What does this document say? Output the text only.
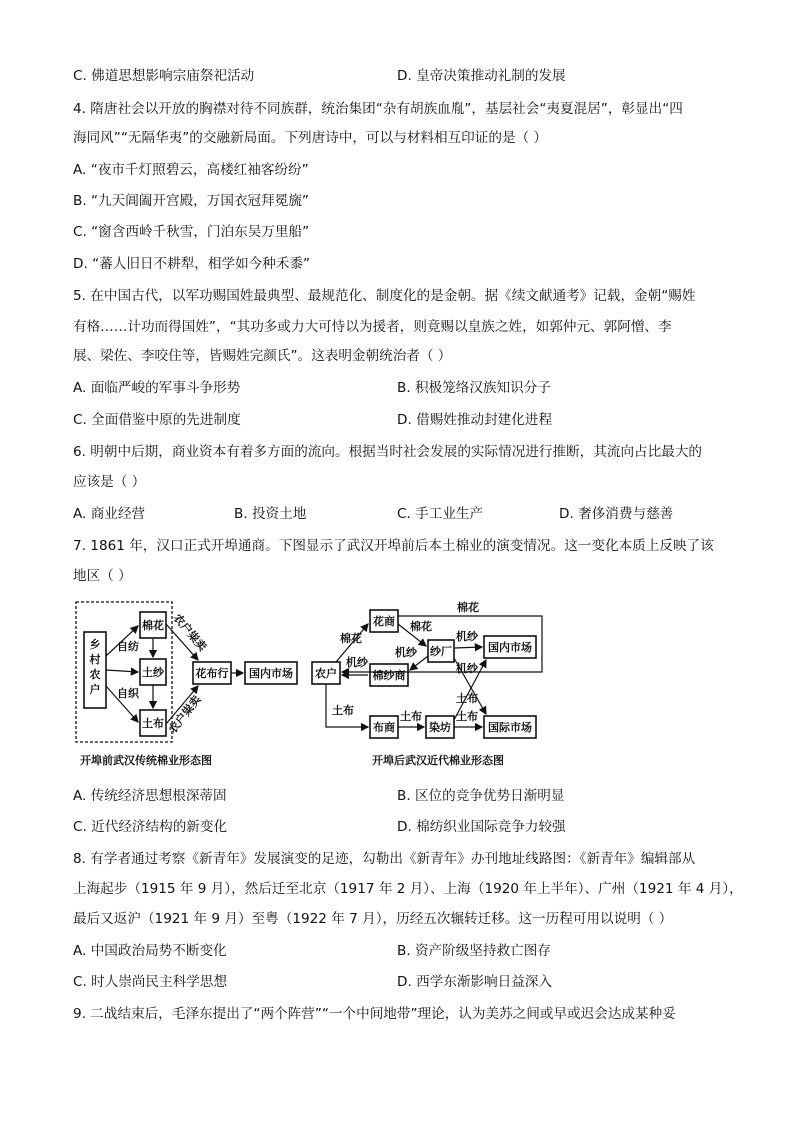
C. 佛道思想影响宗庙祭祀活动	D. 皇帝决策推动礼制的发展
4. 隋唐社会以开放的胸襟对待不同族群，统治集团“杂有胡族血胤”，基层社会“夷夏混居”，彰显出“四
海同风”“无隔华夷”的交融新局面。下列唐诗中，可以与材料相互印证的是（ ）
A. “夜市千灯照碧云，高楼红袖客纷纷”
B. “九天阊阖开宫殿，万国衣冠拜冕旒”
C. “窗含西岭千秋雪，门泊东吴万里船”
D. “蕃人旧日不耕犁，相学如今种禾黍”
5. 在中国古代，以军功赐国姓最典型、最规范化、制度化的是金朝。据《续文献通考》记载，金朝“赐姓
有格……计功而得国姓”，“其功多或力大可恃以为援者，则竟赐以皇族之姓，如郭仲元、郭阿憎、李
展、梁佐、李咬住等，皆赐姓完颜氏”。这表明金朝统治者（ ）
A. 面临严峻的军事斗争形势	B. 积极笼络汉族知识分子
C. 全面借鉴中原的先进制度	D. 借赐姓推动封建化进程
6. 明朝中后期，商业资本有着多方面的流向。根据当时社会发展的实际情况进行推断，其流向占比最大的
应该是（ ）
A. 商业经营	B. 投资土地	C. 手工业生产	D. 奢侈消费与慈善
7. 1861 年，汉口正式开埠通商。下图显示了武汉开埠前后本土棉业的演变情况。这一变化本质上反映了该
地区（ ）
乡村农户
棉花
土纱
土布
自纺
自织
花布行
农户粜卖
农户粜卖
国内市场
开埠前武汉传统棉业形态图
农户
花商
棉纱商
纱厂
布商	染坊
国内市场
国际市场
棉花
棉花
机纱
棉花
机纱
机纱
机纱
土布	土布
土布
土布
开埠后武汉近代棉业形态图
A. 传统经济思想根深蒂固	B. 区位的竞争优势日渐明显
C. 近代经济结构的新变化	D. 棉纺织业国际竞争力较强
8. 有学者通过考察《新青年》发展演变的足迹，勾勒出《新青年》办刊地址线路图：《新青年》编辑部从
上海起步（1915 年 9 月），然后迁至北京（1917 年 2 月）、上海（1920 年上半年）、广州（1921 年 4 月），
最后又返沪（1921 年 9 月）至粤（1922 年 7 月），历经五次辗转迁移。这一历程可用以说明（ ）
A. 中国政治局势不断变化	B. 资产阶级坚持救亡图存
C. 时人崇尚民主科学思想	D. 西学东渐影响日益深入
9. 二战结束后，毛泽东提出了“两个阵营”“一个中间地带”理论，认为美苏之间或早或迟会达成某种妥
